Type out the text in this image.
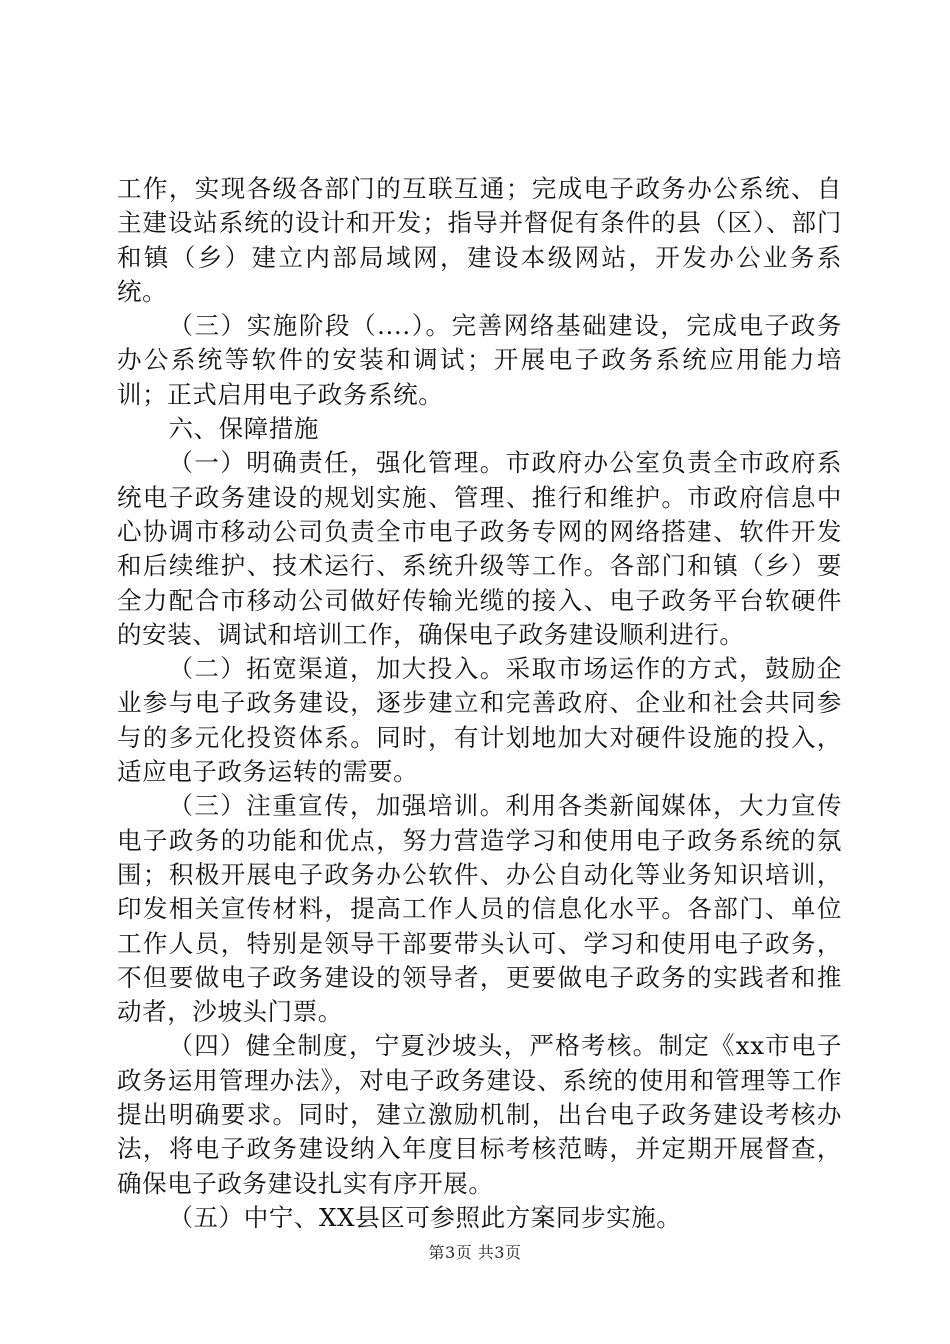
工作，实现各级各部门的互联互通；完成电子政务办公系统、自主建设站系统的设计和开发；指导并督促有条件的县（区）、部门和镇（乡）建立内部局域网，建设本级网站，开发办公业务系统。

（三）实施阶段（....）。完善网络基础建设，完成电子政务办公系统等软件的安装和调试；开展电子政务系统应用能力培训；正式启用电子政务系统。

六、保障措施

（一）明确责任，强化管理。市政府办公室负责全市政府系统电子政务建设的规划实施、管理、推行和维护。市政府信息中心协调市移动公司负责全市电子政务专网的网络搭建、软件开发和后续维护、技术运行、系统升级等工作。各部门和镇（乡）要全力配合市移动公司做好传输光缆的接入、电子政务平台软硬件的安装、调试和培训工作，确保电子政务建设顺利进行。

（二）拓宽渠道，加大投入。采取市场运作的方式，鼓励企业参与电子政务建设，逐步建立和完善政府、企业和社会共同参与的多元化投资体系。同时，有计划地加大对硬件设施的投入，适应电子政务运转的需要。

（三）注重宣传，加强培训。利用各类新闻媒体，大力宣传电子政务的功能和优点，努力营造学习和使用电子政务系统的氛围；积极开展电子政务办公软件、办公自动化等业务知识培训，印发相关宣传材料，提高工作人员的信息化水平。各部门、单位工作人员，特别是领导干部要带头认可、学习和使用电子政务，不但要做电子政务建设的领导者，更要做电子政务的实践者和推动者，沙坡头门票。

（四）健全制度，宁夏沙坡头，严格考核。制定《xx市电子政务运用管理办法》，对电子政务建设、系统的使用和管理等工作提出明确要求。同时，建立激励机制，出台电子政务建设考核办法，将电子政务建设纳入年度目标考核范畴，并定期开展督查，确保电子政务建设扎实有序开展。

（五）中宁、XX县区可参照此方案同步实施。

第3页 共3页
